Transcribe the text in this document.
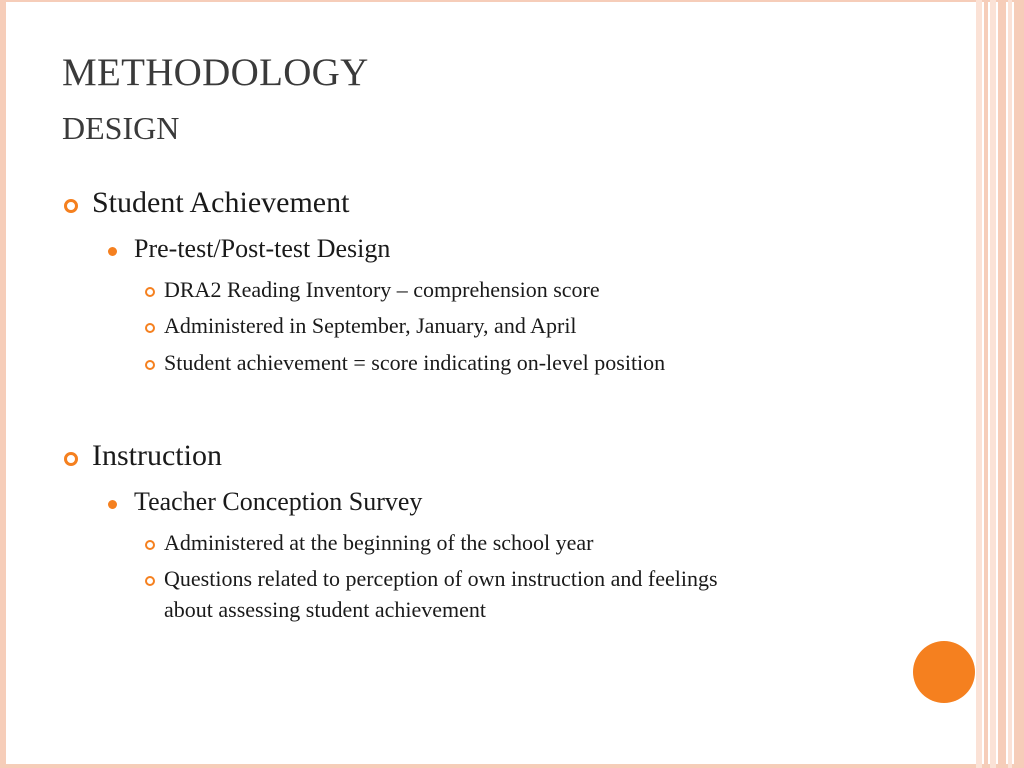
METHODOLOGY
DESIGN
Student Achievement
Pre-test/Post-test Design
DRA2 Reading Inventory – comprehension score
Administered in September, January, and April
Student achievement = score indicating on-level position
Instruction
Teacher Conception Survey
Administered at the beginning of the school year
Questions related to perception of own instruction and feelings
about assessing student achievement
